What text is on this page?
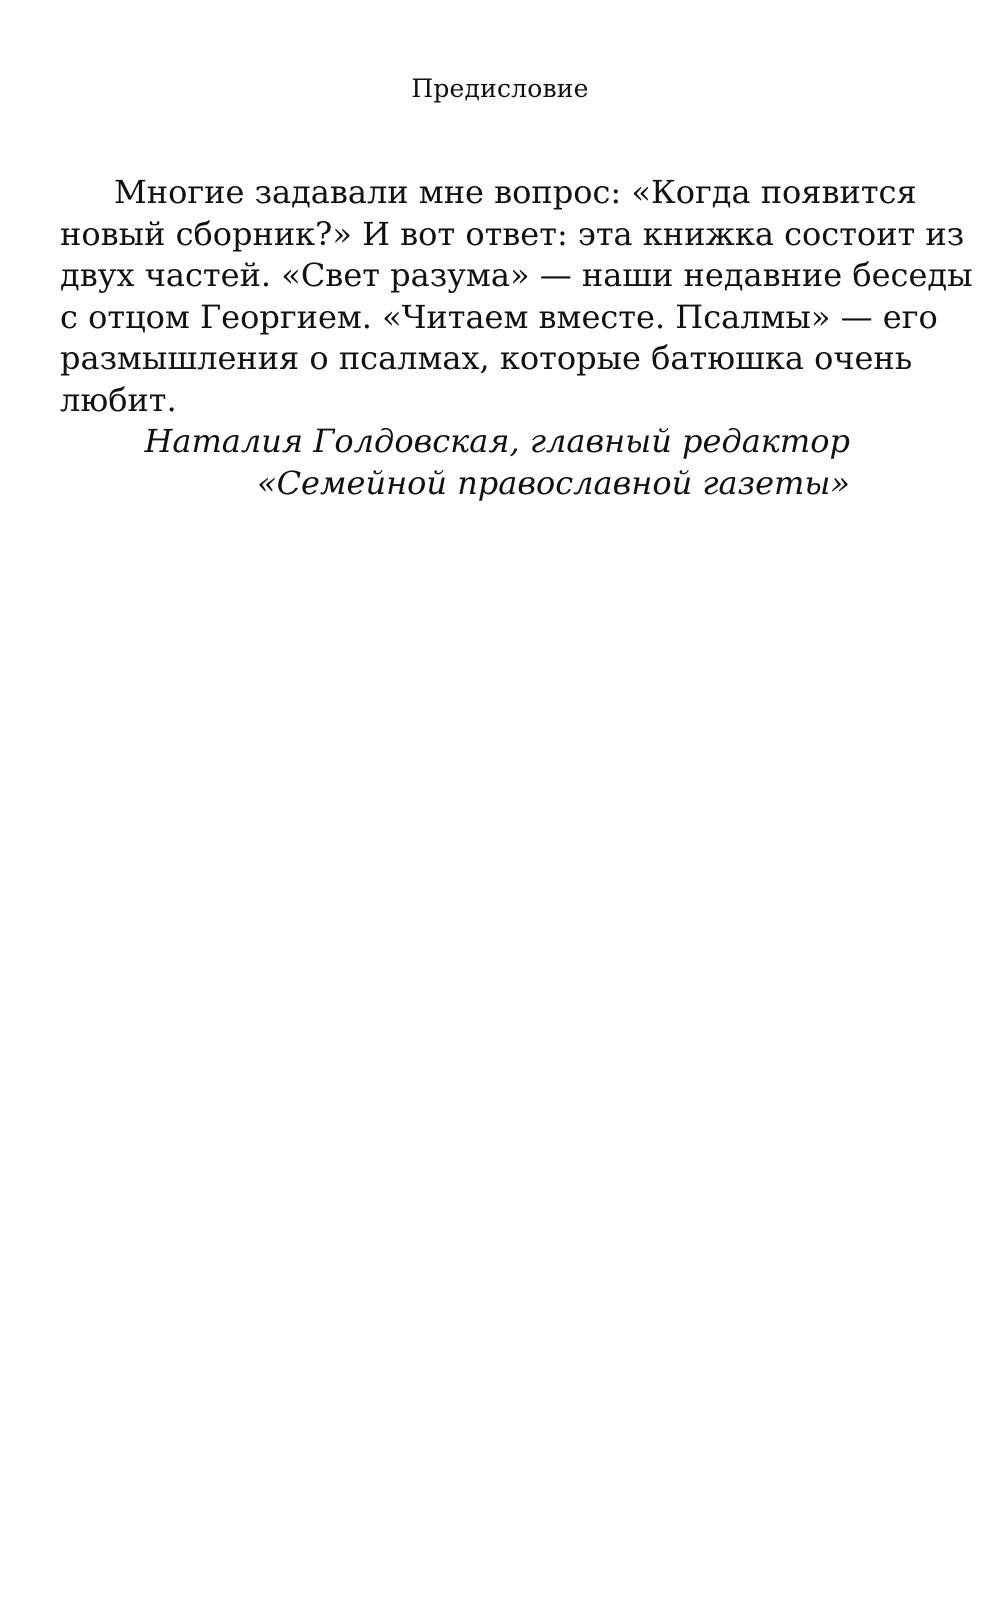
Предисловие
Многие задавали мне вопрос: «Когда появится
новый сборник?» И вот ответ: эта книжка состоит из
двух частей. «Свет разума» — наши недавние беседы
с отцом Георгием. «Читаем вместе. Псалмы» — его
размышления о псалмах, которые батюшка очень
любит.
Наталия Голдовская, главный редактор
«Семейной православной газеты»
